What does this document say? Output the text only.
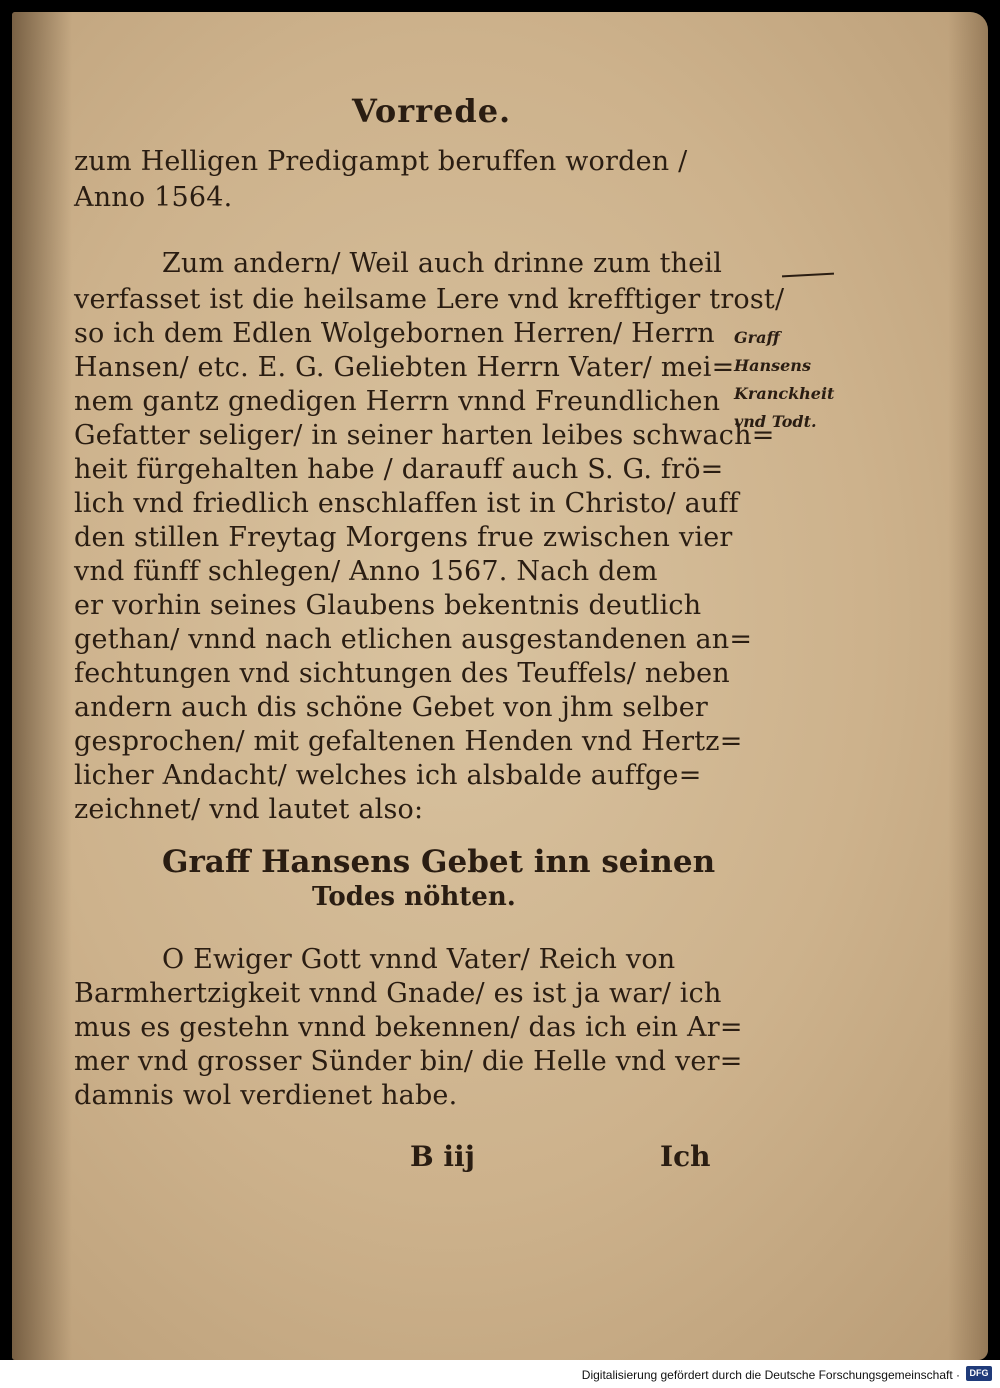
Vorrede.
zum Helligen Predigampt beruffen worden /
Anno 1564.
Zum andern/ Weil auch drinne zum theil
verfasset ist die heilsame Lere vnd krefftiger trost/
so ich dem Edlen Wolgebornen Herren/ Herrn
Hansen/ etc. E. G. Geliebten Herrn Vater/ mei=
nem gantz gnedigen Herrn vnnd Freundlichen
Gefatter seliger/ in seiner harten leibes schwach=
heit fürgehalten habe / darauff auch S. G. frö=
lich vnd friedlich enschlaffen ist in Christo/ auff
den stillen Freytag Morgens frue zwischen vier
vnd fünff schlegen/ Anno 1567. Nach dem
er vorhin seines Glaubens bekentnis deutlich
gethan/ vnnd nach etlichen ausgestandenen an=
fechtungen vnd sichtungen des Teuffels/ neben
andern auch dis schöne Gebet von jhm selber
gesprochen/ mit gefaltenen Henden vnd Hertz=
licher Andacht/ welches ich alsbalde auffge=
zeichnet/ vnd lautet also:
Graff
Hansens
Kranckheit
vnd Todt.
Graff Hansens Gebet inn seinen
Todes nöhten.
O Ewiger Gott vnnd Vater/ Reich von
Barmhertzigkeit vnnd Gnade/ es ist ja war/ ich
mus es gestehn vnnd bekennen/ das ich ein Ar=
mer vnd grosser Sünder bin/ die Helle vnd ver=
damnis wol verdienet habe.
B iij	Ich
Digitalisierung gefördert durch die Deutsche Forschungsgemeinschaft ·	DFG
